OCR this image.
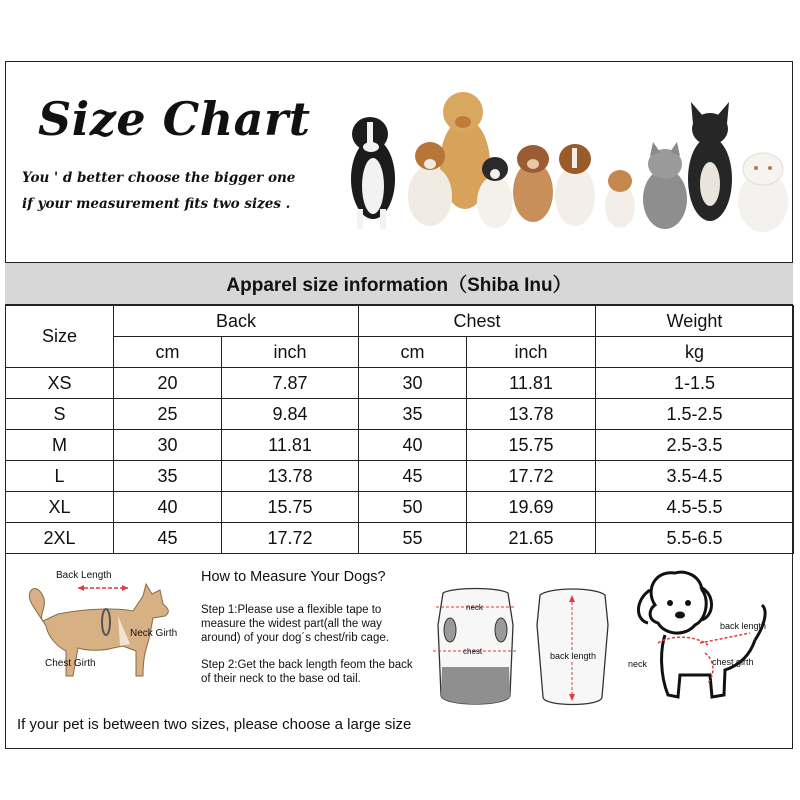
Size Chart
You ' d better choose the bigger one
if your measurement fits two sizes .
Apparel size information（Shiba Inu）
Size	Back		Chest		Weight
	cm	inch	cm	inch	kg
XS	20	7.87	30	11.81	1-1.5
S	25	9.84	35	13.78	1.5-2.5
M	30	11.81	40	15.75	2.5-3.5
L	35	13.78	45	17.72	3.5-4.5
XL	40	15.75	50	19.69	4.5-5.5
2XL	45	17.72	55	21.65	5.5-6.5
Back Length
Neck Girth
Chest Girth
How to Measure Your Dogs?
Step 1:Please use a flexible tape to measure the widest part(all the way around) of your dog´s chest/rib cage.
Step 2:Get the back length feom the back of their neck to the base od tail.
neck
chest	back length
back length
neck	chest girth
If your pet is between two sizes, please choose a large size
